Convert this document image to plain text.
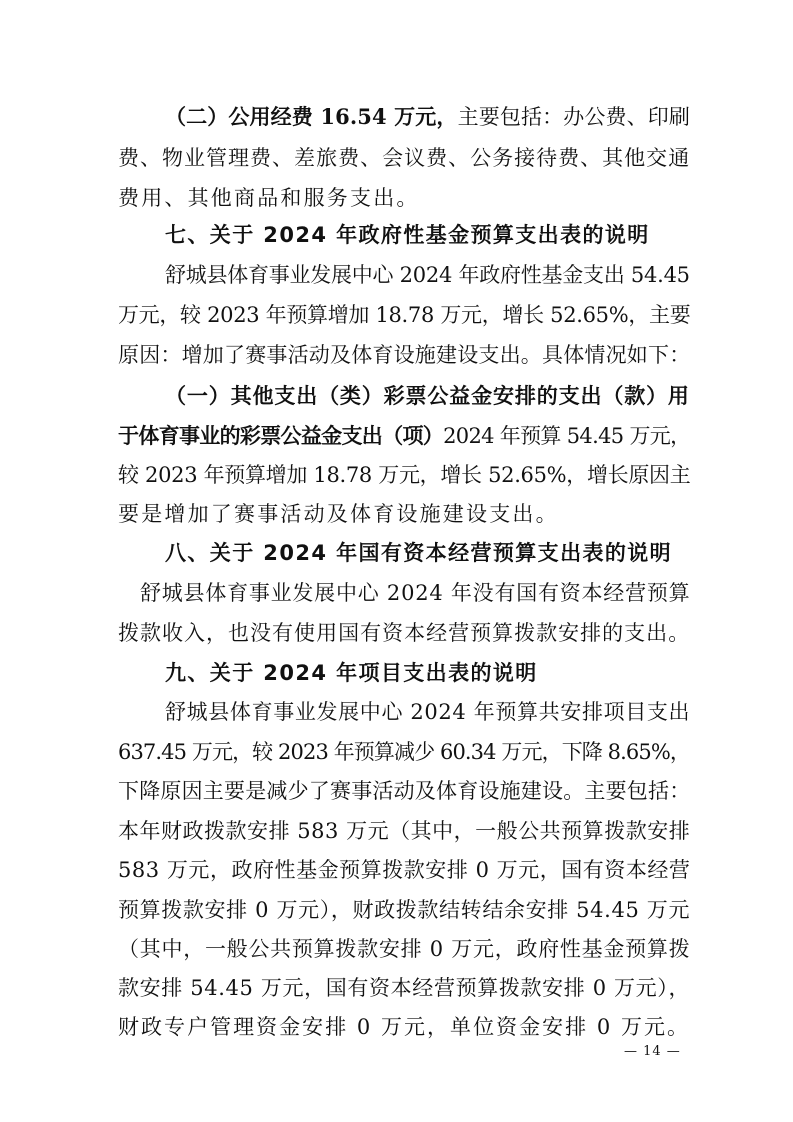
（二）公用经费 16.54 万元，主要包括：办公费、印刷
费、物业管理费、差旅费、会议费、公务接待费、其他交通
费用、其他商品和服务支出。
七、关于 2024 年政府性基金预算支出表的说明
舒城县体育事业发展中心 2024 年政府性基金支出 54.45
万元，较 2023 年预算增加 18.78 万元，增长 52.65%，主要
原因：增加了赛事活动及体育设施建设支出。具体情况如下：
（一）其他支出（类）彩票公益金安排的支出（款）用
于体育事业的彩票公益金支出（项）2024 年预算 54.45 万元，
较 2023 年预算增加 18.78 万元，增长 52.65%，增长原因主
要是增加了赛事活动及体育设施建设支出。
八、关于 2024 年国有资本经营预算支出表的说明
舒城县体育事业发展中心 2024 年没有国有资本经营预算
拨款收入，也没有使用国有资本经营预算拨款安排的支出。
九、关于 2024 年项目支出表的说明
舒城县体育事业发展中心 2024 年预算共安排项目支出
637.45 万元，较 2023 年预算减少 60.34 万元，下降 8.65%，
下降原因主要是减少了赛事活动及体育设施建设。主要包括：
本年财政拨款安排 583 万元（其中，一般公共预算拨款安排
583 万元，政府性基金预算拨款安排 0 万元，国有资本经营
预算拨款安排 0 万元），财政拨款结转结余安排 54.45 万元
（其中，一般公共预算拨款安排 0 万元，政府性基金预算拨
款安排 54.45 万元，国有资本经营预算拨款安排 0 万元），
财政专户管理资金安排 0 万元，单位资金安排 0 万元。
— 14 —
